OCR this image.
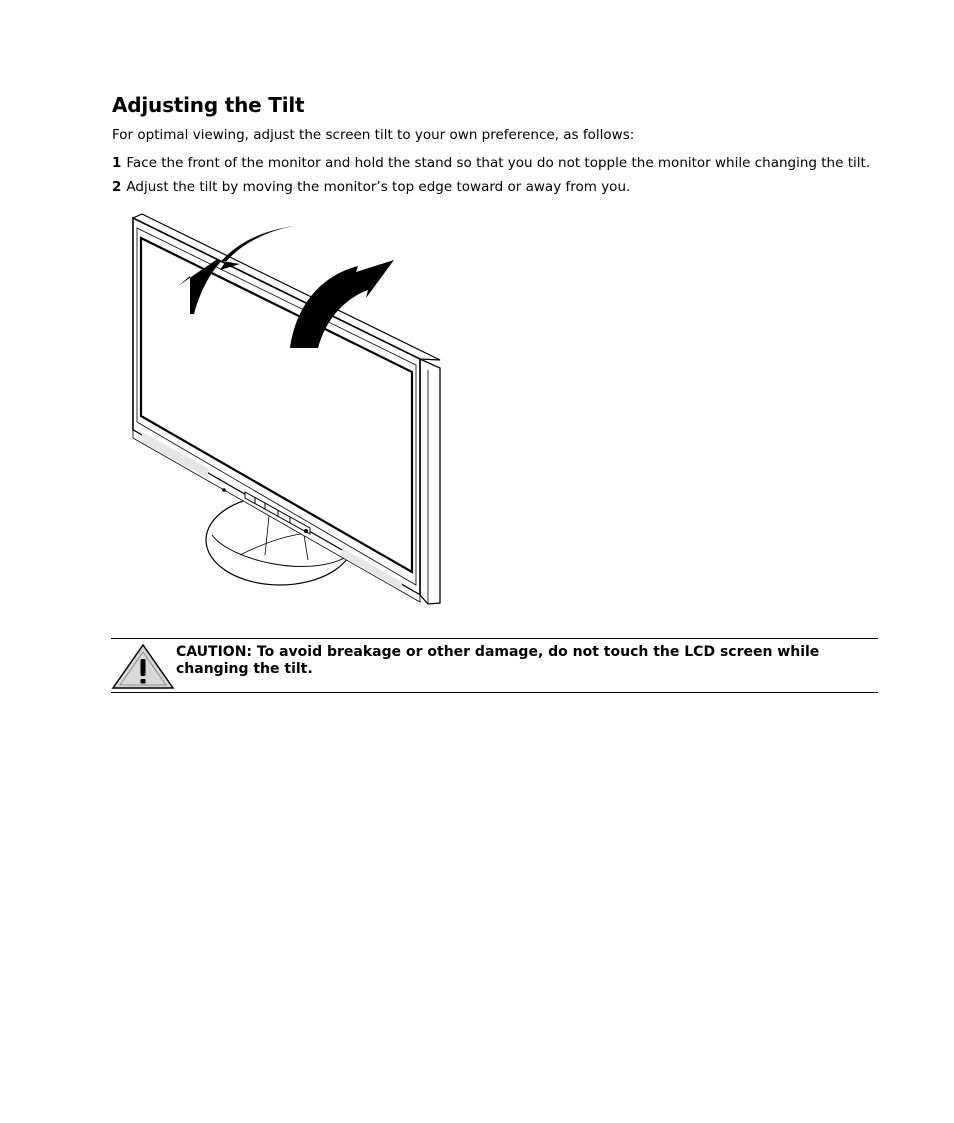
Adjusting the Tilt

For optimal viewing, adjust the screen tilt to your own preference, as follows:

1 Face the front of the monitor and hold the stand so that you do not topple the monitor while changing the tilt.
2 Adjust the tilt by moving the monitor’s top edge toward or away from you.

CAUTION: To avoid breakage or other damage, do not touch the LCD screen while changing the tilt.
